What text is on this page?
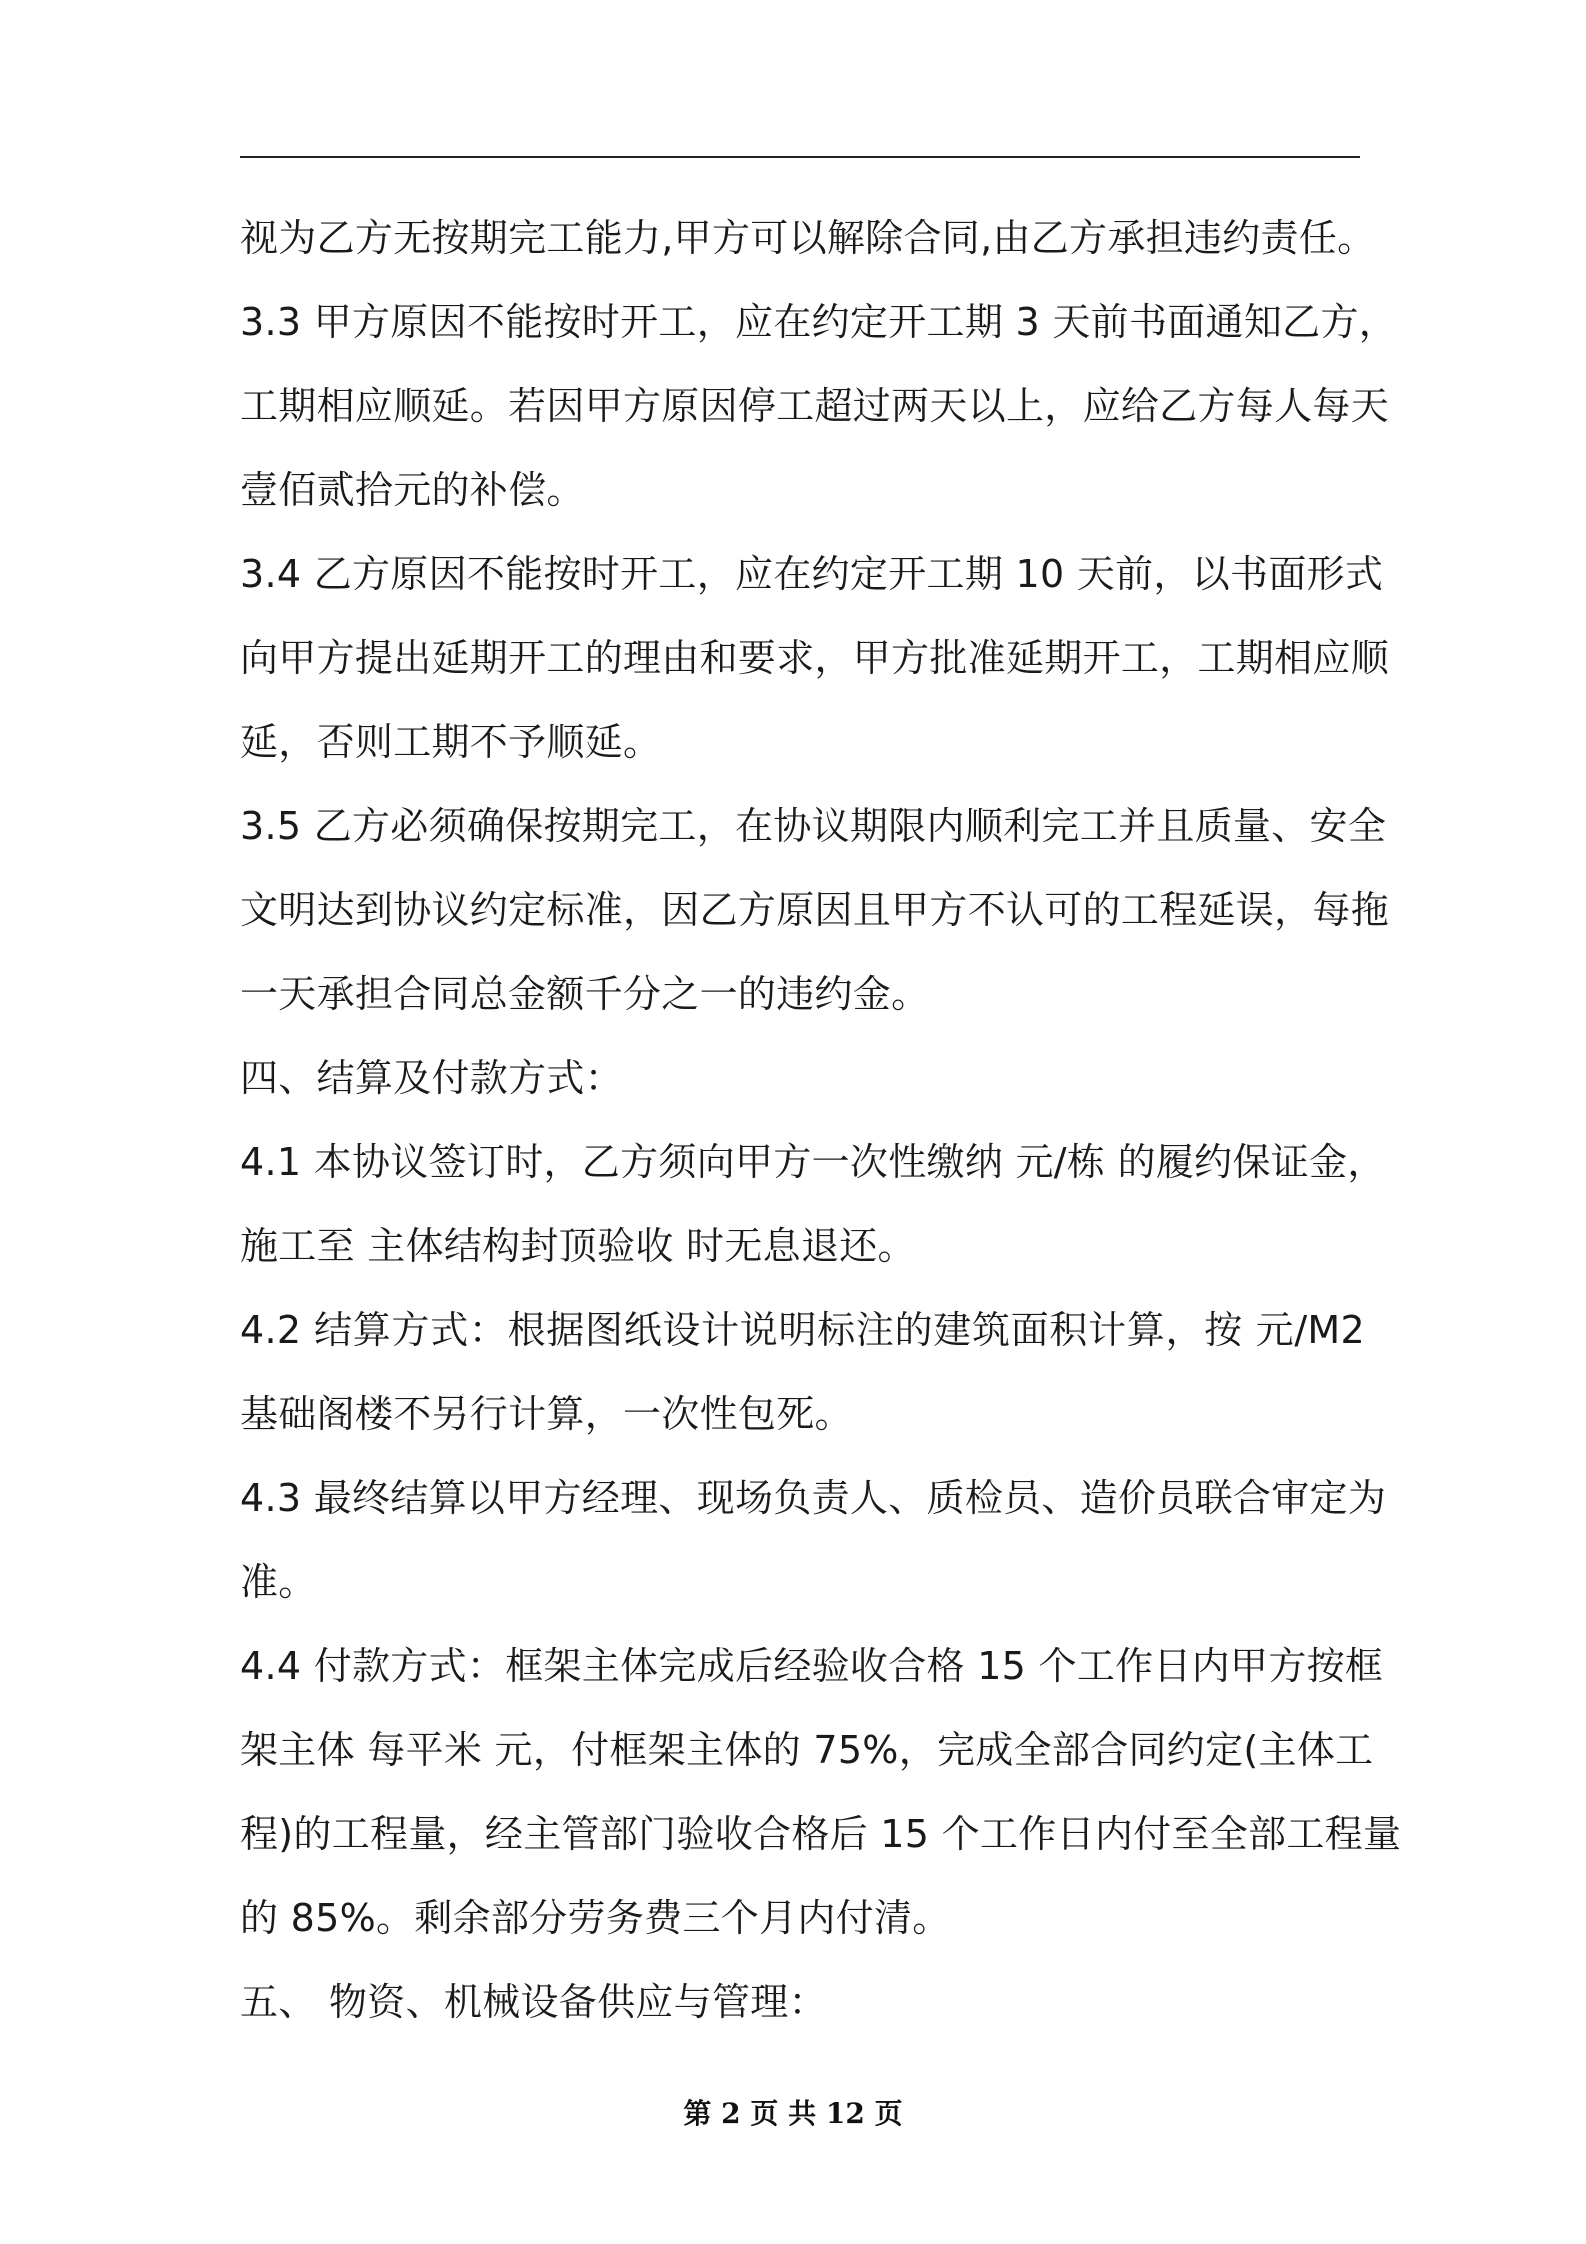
视为乙方无按期完工能力,甲方可以解除合同,由乙方承担违约责任。
3.3 甲方原因不能按时开工，应在约定开工期 3 天前书面通知乙方，
工期相应顺延。若因甲方原因停工超过两天以上，应给乙方每人每天
壹佰贰拾元的补偿。
3.4 乙方原因不能按时开工，应在约定开工期 10 天前，以书面形式
向甲方提出延期开工的理由和要求，甲方批准延期开工，工期相应顺
延，否则工期不予顺延。
3.5 乙方必须确保按期完工，在协议期限内顺利完工并且质量、安全
文明达到协议约定标准，因乙方原因且甲方不认可的工程延误，每拖
一天承担合同总金额千分之一的违约金。
四、结算及付款方式：
4.1 本协议签订时，乙方须向甲方一次性缴纳 元/栋 的履约保证金，
施工至 主体结构封顶验收 时无息退还。
4.2 结算方式：根据图纸设计说明标注的建筑面积计算，按 元/M2
基础阁楼不另行计算，一次性包死。
4.3 最终结算以甲方经理、现场负责人、质检员、造价员联合审定为
准。
4.4 付款方式：框架主体完成后经验收合格 15 个工作日内甲方按框
架主体 每平米 元，付框架主体的 75%，完成全部合同约定(主体工
程)的工程量，经主管部门验收合格后 15 个工作日内付至全部工程量
的 85%。剩余部分劳务费三个月内付清。
五、 物资、机械设备供应与管理：
第 2 页 共 12 页
